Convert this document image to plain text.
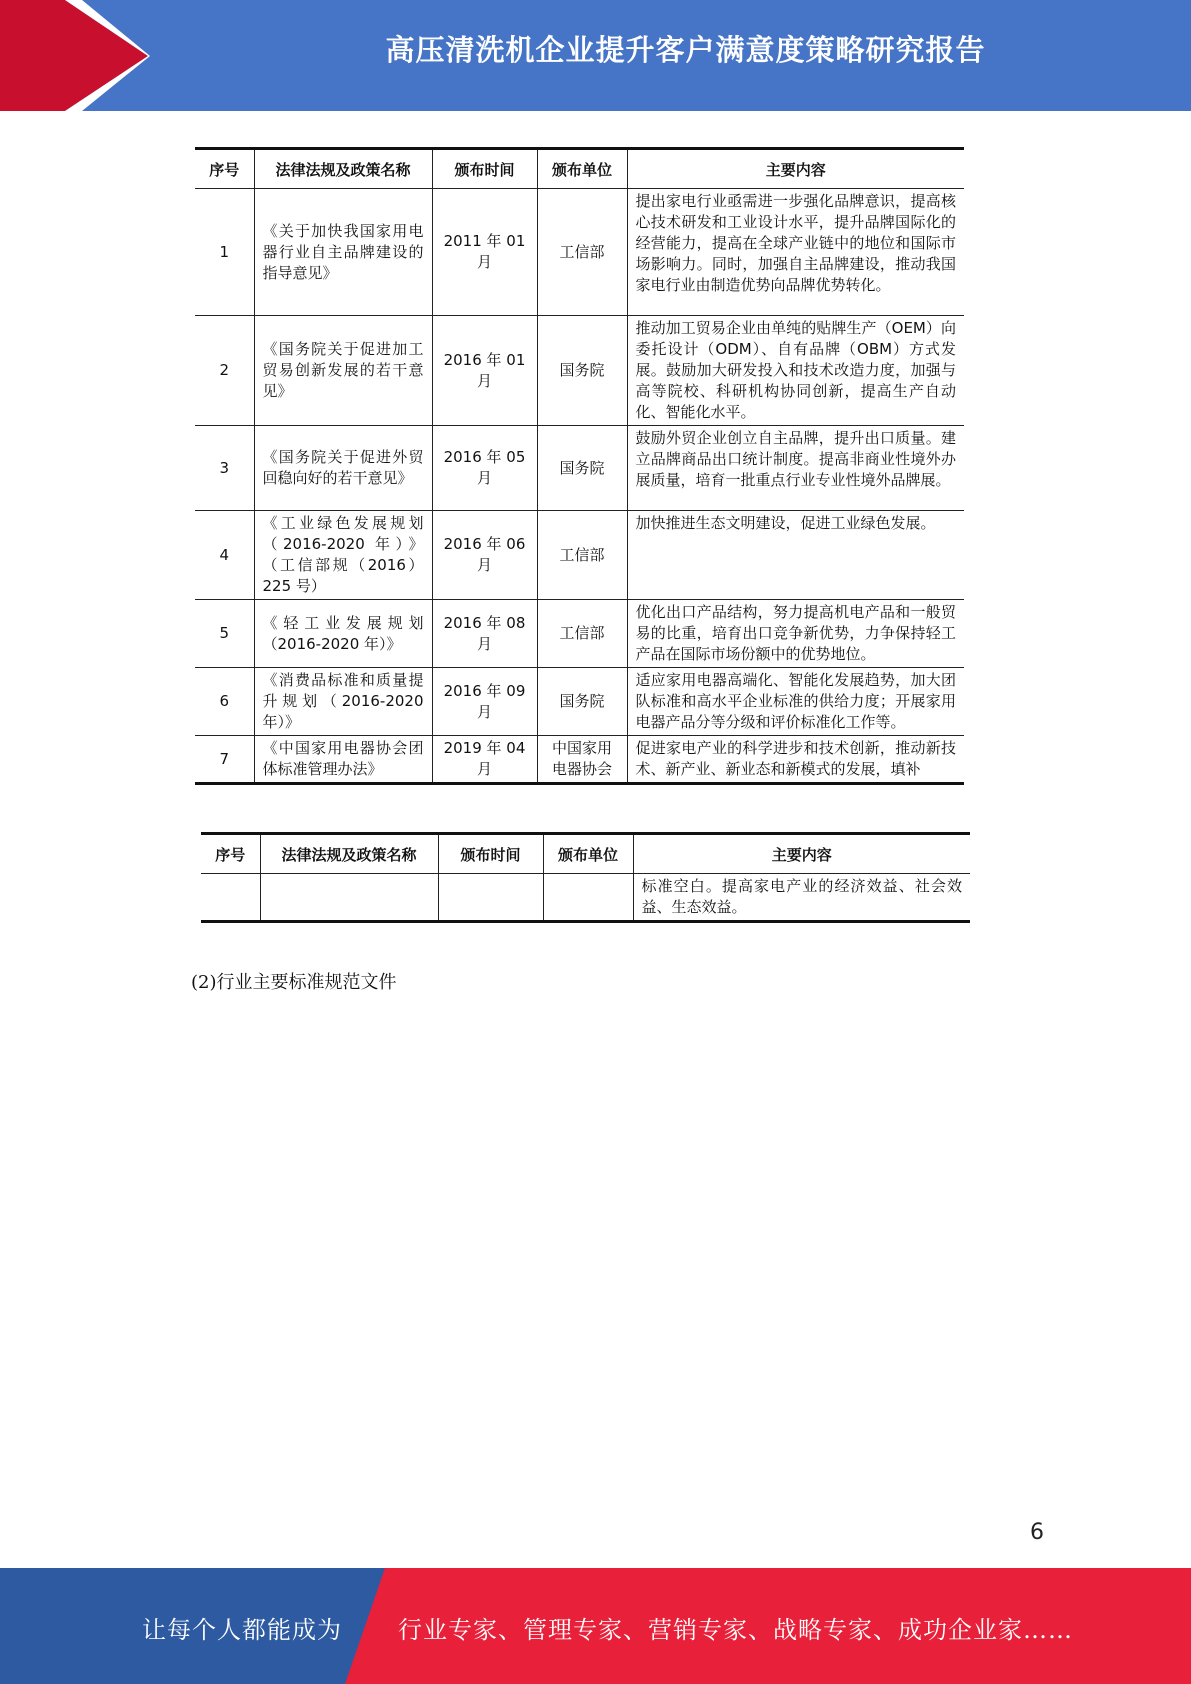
高压清洗机企业提升客户满意度策略研究报告
序号	法律法规及政策名称	颁布时间	颁布单位	主要内容
1	《关于加快我国家用电器行业自主品牌建设的指导意见》	2011 年 01 月	工信部	提出家电行业亟需进一步强化品牌意识，提高核心技术研发和工业设计水平，提升品牌国际化的经营能力，提高在全球产业链中的地位和国际市场影响力。同时，加强自主品牌建设，推动我国家电行业由制造优势向品牌优势转化。
2	《国务院关于促进加工贸易创新发展的若干意见》	2016 年 01 月	国务院	推动加工贸易企业由单纯的贴牌生产（OEM）向委托设计（ODM）、自有品牌（OBM）方式发展。鼓励加大研发投入和技术改造力度，加强与高等院校、科研机构协同创新，提高生产自动化、智能化水平。
3	《国务院关于促进外贸回稳向好的若干意见》	2016 年 05 月	国务院	鼓励外贸企业创立自主品牌，提升出口质量。建立品牌商品出口统计制度。提高非商业性境外办展质量，培育一批重点行业专业性境外品牌展。
4	《工业绿色发展规划（2016-2020 年）》（工信部规（2016）225 号）	2016 年 06 月	工信部	加快推进生态文明建设，促进工业绿色发展。
5	《轻工业发展规划（2016-2020 年）》	2016 年 08 月	工信部	优化出口产品结构，努力提高机电产品和一般贸易的比重，培育出口竞争新优势，力争保持轻工产品在国际市场份额中的优势地位。
6	《消费品标准和质量提升规划（2016-2020 年）》	2016 年 09 月	国务院	适应家用电器高端化、智能化发展趋势，加大团队标准和高水平企业标准的供给力度；开展家用电器产品分等分级和评价标准化工作等。
7	《中国家用电器协会团体标准管理办法》	2019 年 04 月	中国家用电器协会	促进家电产业的科学进步和技术创新，推动新技术、新产业、新业态和新模式的发展，填补
序号	法律法规及政策名称	颁布时间	颁布单位	主要内容
				标准空白。提高家电产业的经济效益、社会效益、生态效益。
(2)行业主要标准规范文件
6
让每个人都能成为 行业专家、管理专家、营销专家、战略专家、成功企业家……
